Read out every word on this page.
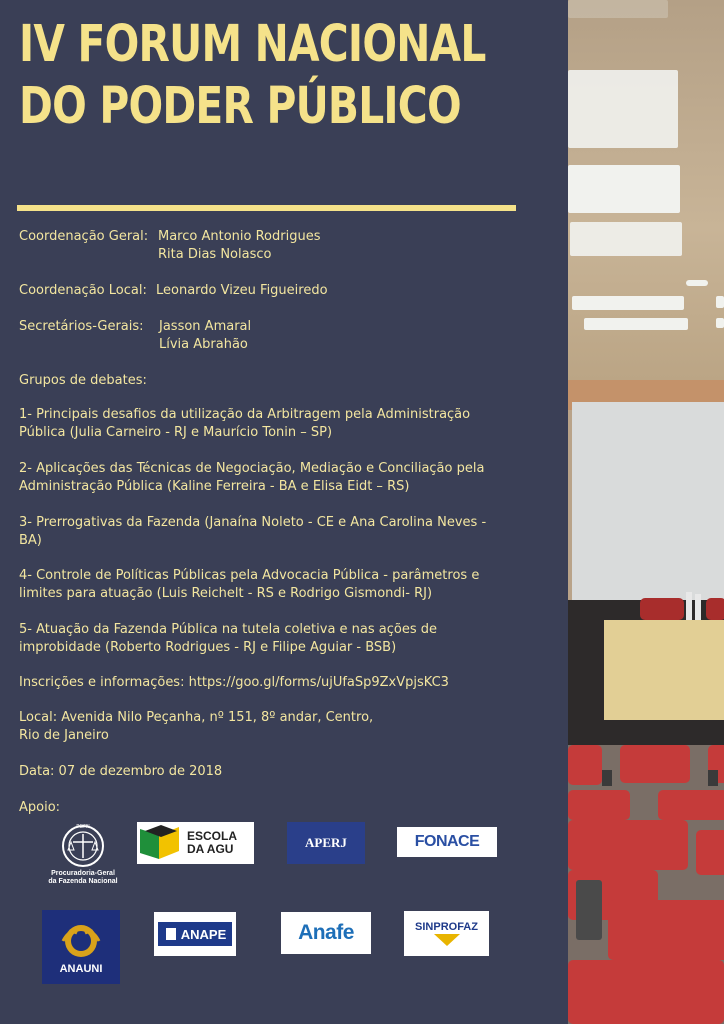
IV FORUM NACIONAL
DO PODER PÚBLICO
Coordenação Geral: Marco Antonio Rodrigues
Rita Dias Nolasco
Coordenação Local: Leonardo Vizeu Figueiredo
Secretários-Gerais: Jasson Amaral
Lívia Abrahão
Grupos de debates:
1- Principais desafios da utilização da Arbitragem pela Administração
Pública (Julia Carneiro - RJ e Maurício Tonin – SP)
2- Aplicações das Técnicas de Negociação, Mediação e Conciliação pela
Administração Pública (Kaline Ferreira - BA e Elisa Eidt – RS)
3- Prerrogativas da Fazenda (Janaína Noleto - CE e Ana Carolina Neves -
BA)
4- Controle de Políticas Públicas pela Advocacia Pública - parâmetros e
limites para atuação (Luis Reichelt - RS e Rodrigo Gismondi- RJ)
5- Atuação da Fazenda Pública na tutela coletiva e nas ações de
improbidade (Roberto Rodrigues - RJ e Filipe Aguiar - BSB)
Inscrições e informações: https://goo.gl/forms/ujUfaSp9ZxVpjsKC3
Local: Avenida Nilo Peçanha, nº 151, 8º andar, Centro,
Rio de Janeiro
Data: 07 de dezembro de 2018
Apoio:
PGFN
Procuradoria-Geral
da Fazenda Nacional
ESCOLA
DA AGU	APERJ	FONACE
ANAUNI
ANAPE	Anafe	SINPROFAZ
